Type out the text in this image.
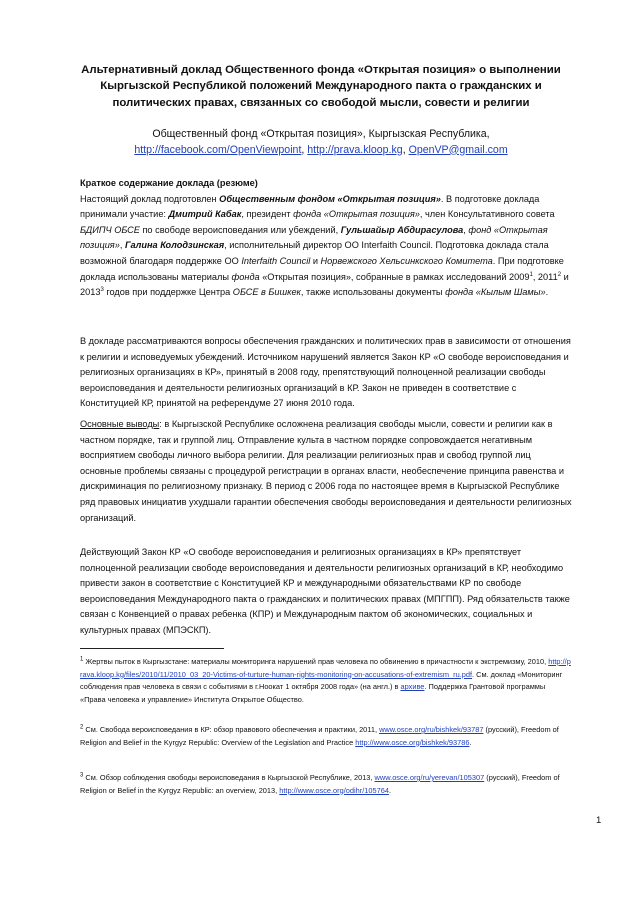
Альтернативный доклад Общественного фонда «Открытая позиция» о выполнении Кыргызской Республикой положений Международного пакта о гражданских и политических правах, связанных со свободой мысли, совести и религии
Общественный фонд «Открытая позиция», Кыргызская Республика,
http://facebook.com/OpenViewpoint, http://prava.kloop.kg, OpenVP@gmail.com

Краткое содержание доклада (резюме)

Настоящий доклад подготовлен Общественным фондом «Открытая позиция». В подготовке доклада принимали участие: Дмитрий Кабак, президент фонда «Открытая позиция», член Консультативного совета БДИПЧ ОБСЕ по свободе вероисповедания или убеждений, Гульшайыр Абдирасулова, фонд «Открытая позиция», Галина Колодзинская, исполнительный директор ОО Interfaith Council. Подготовка доклада стала возможной благодаря поддержке ОО Interfaith Council и Норвежского Хельсинкского Комитета. При подготовке доклада использованы материалы фонда «Открытая позиция», собранные в рамках исследований 2009$^1$, 2011$^2$ и 2013$^3$ годов при поддержке Центра ОБСЕ в Бишкек, также использованы документы фонда «Кылым Шамы».

В докладе рассматриваются вопросы обеспечения гражданских и политических прав в зависимости от отношения к религии и исповедуемых убеждений. Источником нарушений является Закон КР «О свободе вероисповедания и религиозных организациях в КР», принятый в 2008 году, препятствующий полноценной реализации свободы вероисповедания и деятельности религиозных организаций в КР. Закон не приведен в соответствие с Конституцией КР, принятой на референдуме 27 июня 2010 года.
Основные выводы: в Кыргызской Республике осложнена реализация свободы мысли, совести и религии как в частном порядке, так и группой лиц. Отправление культа в частном порядке сопровождается негативным восприятием свободы личного выбора религии. Для реализации религиозных прав и свобод группой лиц основные проблемы связаны с процедурой регистрации в органах власти, необеспечение принципа равенства и дискриминация по религиозному признаку. В период с 2006 года по настоящее время в Кыргызской Республике ряд правовых инициатив ухудшали гарантии обеспечения свободы вероисповедания и деятельности религиозных организаций.
Действующий Закон КР «О свободе вероисповедания и религиозных организациях в КР» препятствует полноценной реализации свободе вероисповедания и деятельности религиозных организаций в КР, необходимо привести закон в соответствие с Конституцией КР и международными обязательствами КР по свободе вероисповедания Международного пакта о гражданских и политических правах (МПГПП). Ряд обязательств также связан с Конвенцией о правах ребенка (КПР) и Международным пактом об экономических, социальных и культурных правах (МПЭСКП).
$^1$ Жертвы пыток в Кыргызстане: материалы мониторинга нарушений прав человека по обвинению в причастности к экстремизму, 2010, http://prava.kloop.kg/files/2010/11/2010_03_20-Victims-of-turture-human-rights-monitoring-on-accusations-of-extremism_ru.pdf. См. доклад «Мониторинг соблюдения прав человека в связи с событиями в г.Ноокат 1 октября 2008 года» (на англ.) в архиве. Поддержка Грантовой программы «Права человека и управление» Института Открытое Общество.
$^2$ См. Свобода вероисповедания в КР: обзор правового обеспечения и практики, 2011, www.osce.org/ru/bishkek/93787 (русский), Freedom of Religion and Belief in the Kyrgyz Republic: Overview of the Legislation and Practice http://www.osce.org/bishkek/93786.
$^3$ См. Обзор соблюдения свободы вероисповедания в Кыргызской Республике, 2013, www.osce.org/ru/yerevan/105307 (русский), Freedom of Religion or Belief in the Kyrgyz Republic: an overview, 2013, http://www.osce.org/odihr/105764.
1
